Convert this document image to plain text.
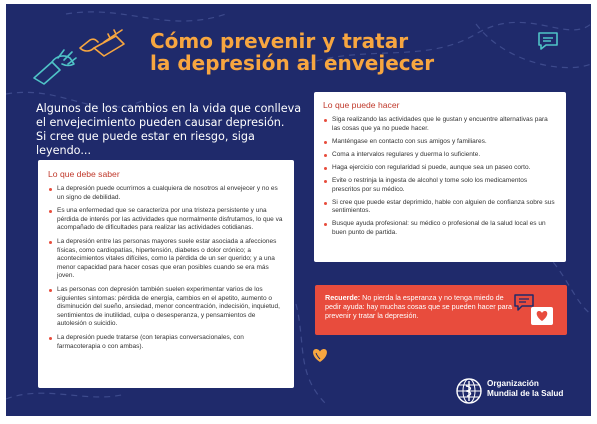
Cómo prevenir y tratar
la depresión al envejecer
Algunos de los cambios en la vida que conlleva
el envejecimiento pueden causar depresión.
Si cree que puede estar en riesgo, siga leyendo...
Lo que debe saber
La depresión puede ocurrirnos a cualquiera de nosotros al envejecer y no es un signo de debilidad.
Es una enfermedad que se caracteriza por una tristeza persistente y una pérdida de interés por las actividades que normalmente disfrutamos, lo que va acompañado de dificultades para realizar las actividades cotidianas.
La depresión entre las personas mayores suele estar asociada a afecciones físicas, como cardiopatías, hipertensión, diabetes o dolor crónico; a acontecimientos vitales difíciles, como la pérdida de un ser querido; y a una menor capacidad para hacer cosas que eran posibles cuando se era más joven.
Las personas con depresión también suelen experimentar varios de los siguientes síntomas: pérdida de energía, cambios en el apetito, aumento o disminución del sueño, ansiedad, menor concentración, indecisión, inquietud, sentimientos de inutilidad, culpa o desesperanza, y pensamientos de autolesión o suicidio.
La depresión puede tratarse (con terapias conversacionales, con farmacoterapia o con ambas).
Lo que puede hacer
Siga realizando las actividades que le gustan y encuentre alternativas para las cosas que ya no puede hacer.
Manténgase en contacto con sus amigos y familiares.
Coma a intervalos regulares y duerma lo suficiente.
Haga ejercicio con regularidad si puede, aunque sea un paseo corto.
Evite o restrinja la ingesta de alcohol y tome solo los medicamentos prescritos por su médico.
Si cree que puede estar deprimido, hable con alguien de confianza sobre sus sentimientos.
Busque ayuda profesional: su médico o profesional de la salud local es un buen punto de partida.

Recuerde: No pierda la esperanza y no tenga miedo de pedir ayuda: hay muchas cosas que se pueden hacer para prevenir y tratar la depresión.

Organización
Mundial de la Salud
